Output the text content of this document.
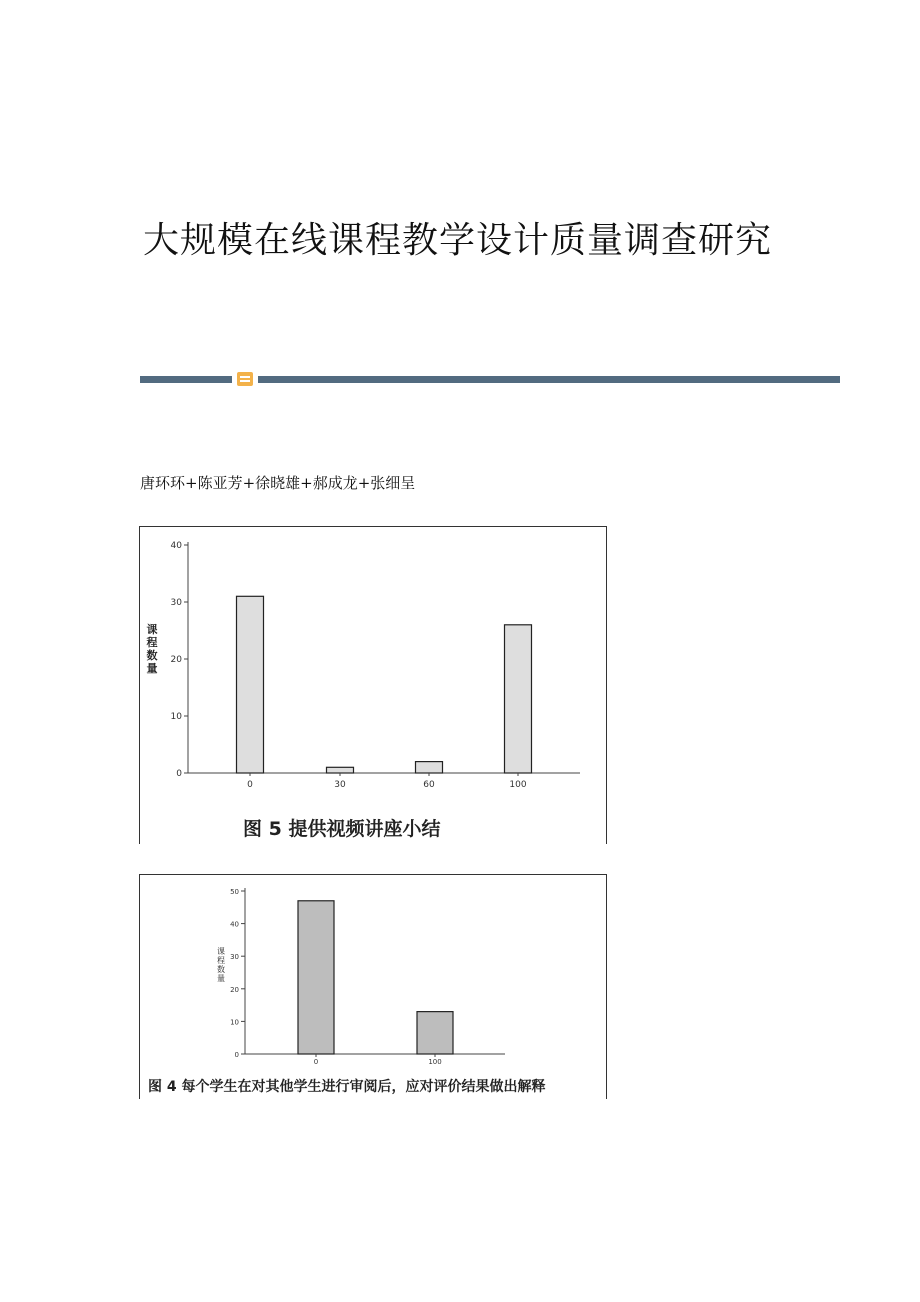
大规模在线课程教学设计质量调查研究
唐环环+陈亚芳+徐晓雄+郝成龙+张细呈
0
10
20
30
40
课
程
数
量
0	30	60	100
图 5 提供视频讲座小结
0
10
20
30
40
50
课
程
数
量
0	100
图 4 每个学生在对其他学生进行审阅后，应对评价结果做出解释
